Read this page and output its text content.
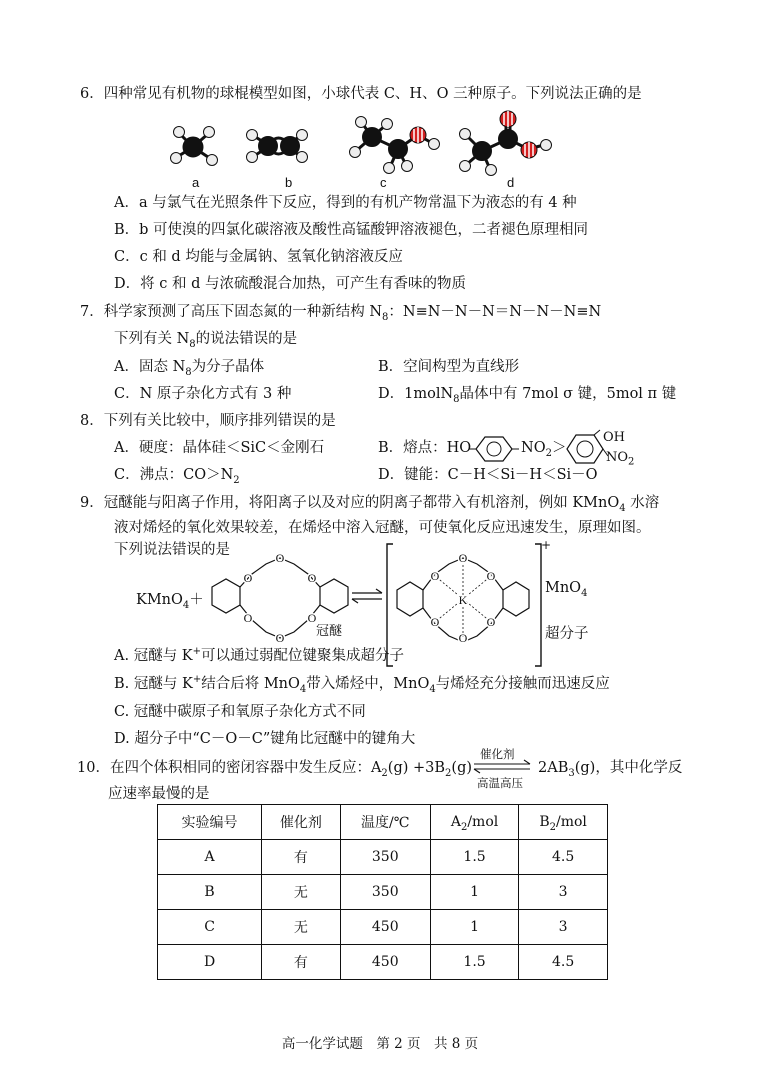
6．四种常见有机物的球棍模型如图，小球代表 C、H、O 三种原子。下列说法正确的是
a	b	c	d
A．a 与氯气在光照条件下反应，得到的有机产物常温下为液态的有 4 种
B．b 可使溴的四氯化碳溶液及酸性高锰酸钾溶液褪色，二者褪色原理相同
C．c 和 d 均能与金属钠、氢氧化钠溶液反应
D．将 c 和 d 与浓硫酸混合加热，可产生有香味的物质
7．科学家预测了高压下固态氮的一种新结构 $N_8$：N≡N－N－N＝N－N－N≡N
下列有关 $N_8$的说法错误的是
A．固态 $N_8$为分子晶体	B．空间构型为直线形
C．N 原子杂化方式有 3 种	D．1molN$_8$晶体中有 7mol σ 键，5mol π 键
8．下列有关比较中，顺序排列错误的是
A．硬度：晶体硅＜SiC＜金刚石	B．熔点：HO	$NO_2>$
OH
$NO_2$
C．沸点：$CO>N_2$	D．键能：C－H＜Si－H＜Si－O
9．冠醚能与阳离子作用，将阳离子以及对应的阴离子都带入有机溶剂，例如 KMnO$_4$ 水溶
液对烯烃的氧化效果较差，在烯烃中溶入冠醚，可使氧化反应迅速发生，原理如图。
下列说法错误的是
KMnO$_4$＋
O
O
O
O
O
O
冠醚
O	O
O
O	O
O
K
+
MnO$_4$
超分子
A. 冠醚与 K+可以通过弱配位键聚集成超分子
B. 冠醚与 K+结合后将 MnO$_4$带入烯烃中，MnO$_4$与烯烃充分接触而迅速反应
C. 冠醚中碳原子和氧原子杂化方式不同
D. 超分子中“C－O－C”键角比冠醚中的键角大
10．在四个体积相同的密闭容器中发生反应：$A_2(g) +3B_2(g)$
催化剂
高温高压
$2AB_3(g)$，其中化学反
应速率最慢的是
实验编号	催化剂	温度/℃	$A_2$/mol	$B_2$/mol
A	有	350	1.5	4.5
B	无	350	1	3
C	无	450	1	3
D	有	450	1.5	4.5
高一化学试题　第 2 页　共 8 页
